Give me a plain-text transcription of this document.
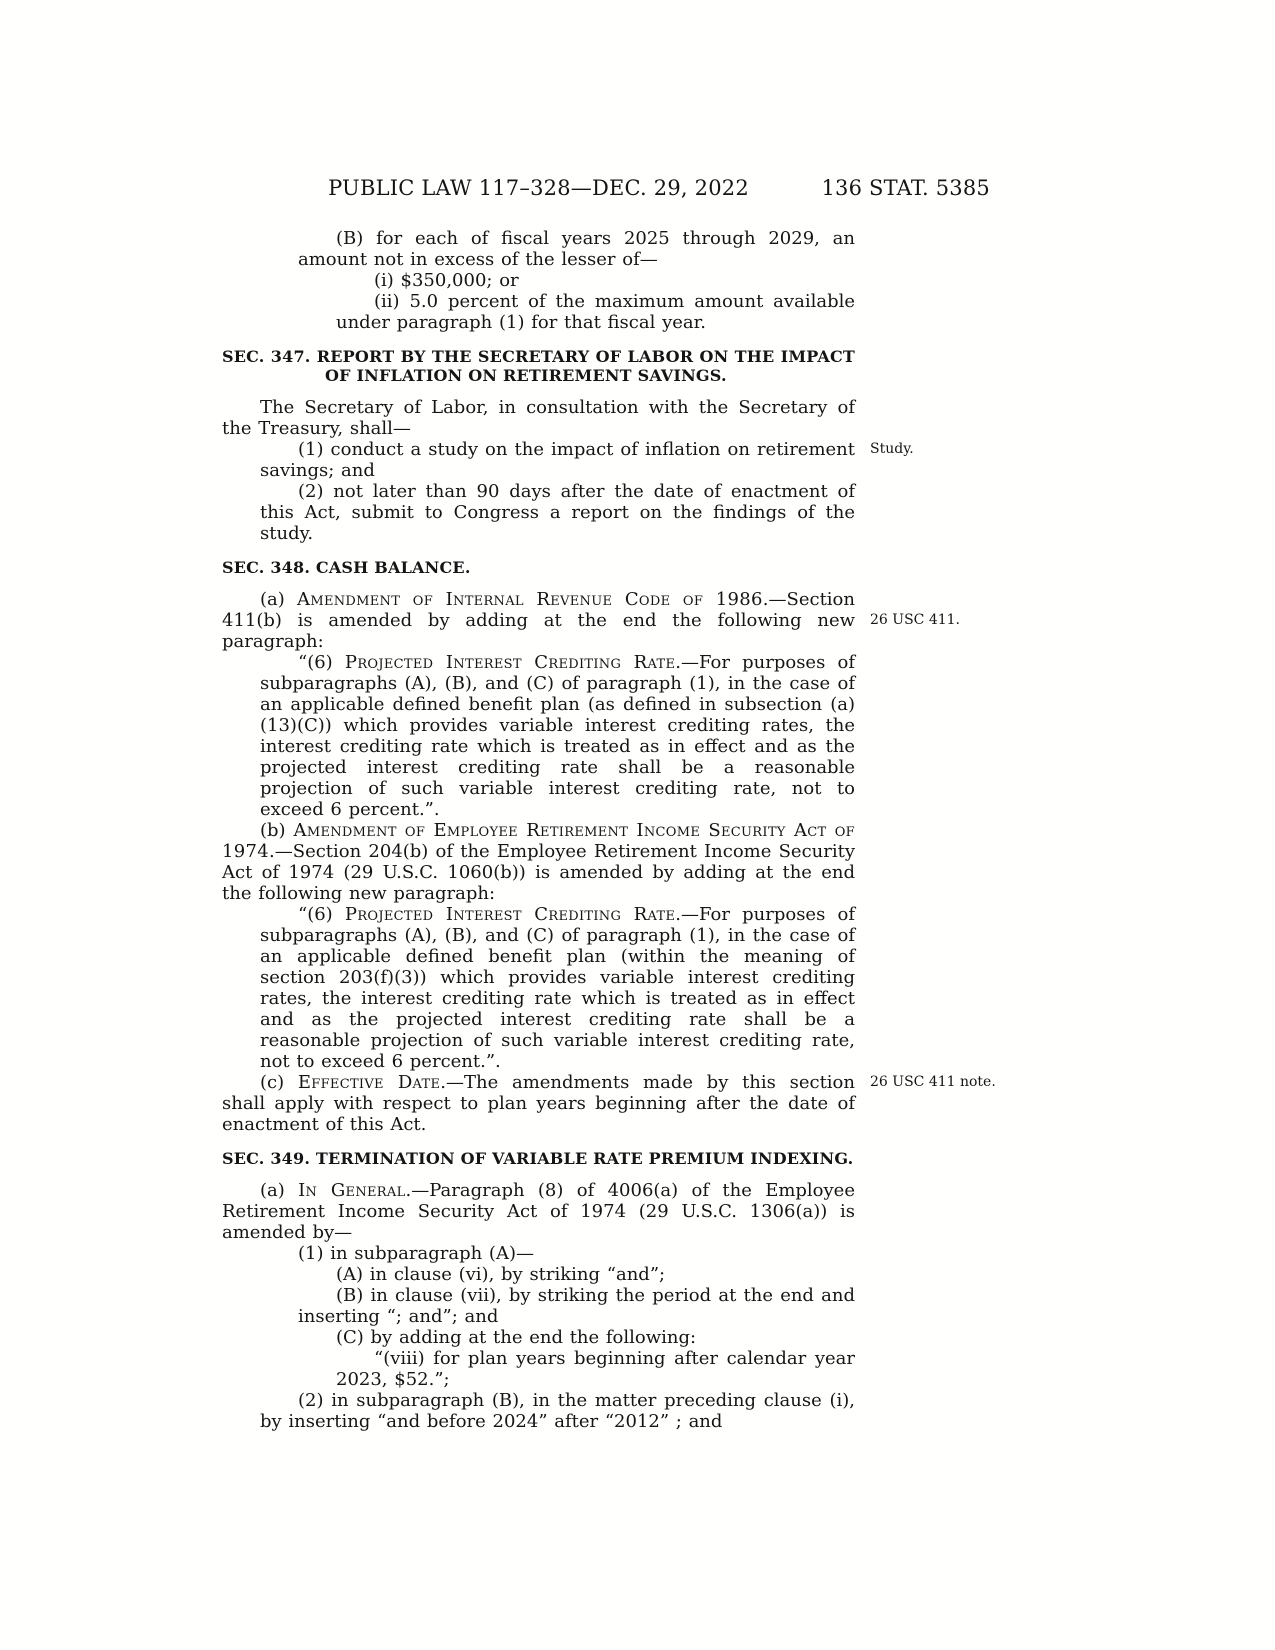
PUBLIC LAW 117–328—DEC. 29, 2022	136 STAT. 5385

(B) for each of fiscal years 2025 through 2029, an amount not in excess of the lesser of—

(i) $350,000; or

(ii) 5.0 percent of the maximum amount available under paragraph (1) for that fiscal year.

SEC. 347. REPORT BY THE SECRETARY OF LABOR ON THE IMPACT OF INFLATION ON RETIREMENT SAVINGS.

The Secretary of Labor, in consultation with the Secretary of the Treasury, shall—

(1) conduct a study on the impact of inflation on retirement savings; and
Study.

(2) not later than 90 days after the date of enactment of this Act, submit to Congress a report on the findings of the study.

SEC. 348. CASH BALANCE.

(a) Amendment of Internal Revenue Code of 1986.—Section 411(b) is amended by adding at the end the following new paragraph:
26 USC 411.

“(6) Projected Interest Crediting Rate.—For purposes of subparagraphs (A), (B), and (C) of paragraph (1), in the case of an applicable defined benefit plan (as defined in subsection (a)(13)(C)) which provides variable interest crediting rates, the interest crediting rate which is treated as in effect and as the projected interest crediting rate shall be a reasonable projection of such variable interest crediting rate, not to exceed 6 percent.”.

(b) Amendment of Employee Retirement Income Security Act of 1974.—Section 204(b) of the Employee Retirement Income Security Act of 1974 (29 U.S.C. 1060(b)) is amended by adding at the end the following new paragraph:

“(6) Projected Interest Crediting Rate.—For purposes of subparagraphs (A), (B), and (C) of paragraph (1), in the case of an applicable defined benefit plan (within the meaning of section 203(f)(3)) which provides variable interest crediting rates, the interest crediting rate which is treated as in effect and as the projected interest crediting rate shall be a reasonable projection of such variable interest crediting rate, not to exceed 6 percent.”.

(c) Effective Date.—The amendments made by this section shall apply with respect to plan years beginning after the date of enactment of this Act.
26 USC 411 note.

SEC. 349. TERMINATION OF VARIABLE RATE PREMIUM INDEXING.

(a) In General.—Paragraph (8) of 4006(a) of the Employee Retirement Income Security Act of 1974 (29 U.S.C. 1306(a)) is amended by—

(1) in subparagraph (A)—

(A) in clause (vi), by striking “and”;

(B) in clause (vii), by striking the period at the end and inserting “; and”; and

(C) by adding at the end the following:

“(viii) for plan years beginning after calendar year 2023, $52.”;

(2) in subparagraph (B), in the matter preceding clause (i), by inserting “and before 2024” after “2012” ; and
